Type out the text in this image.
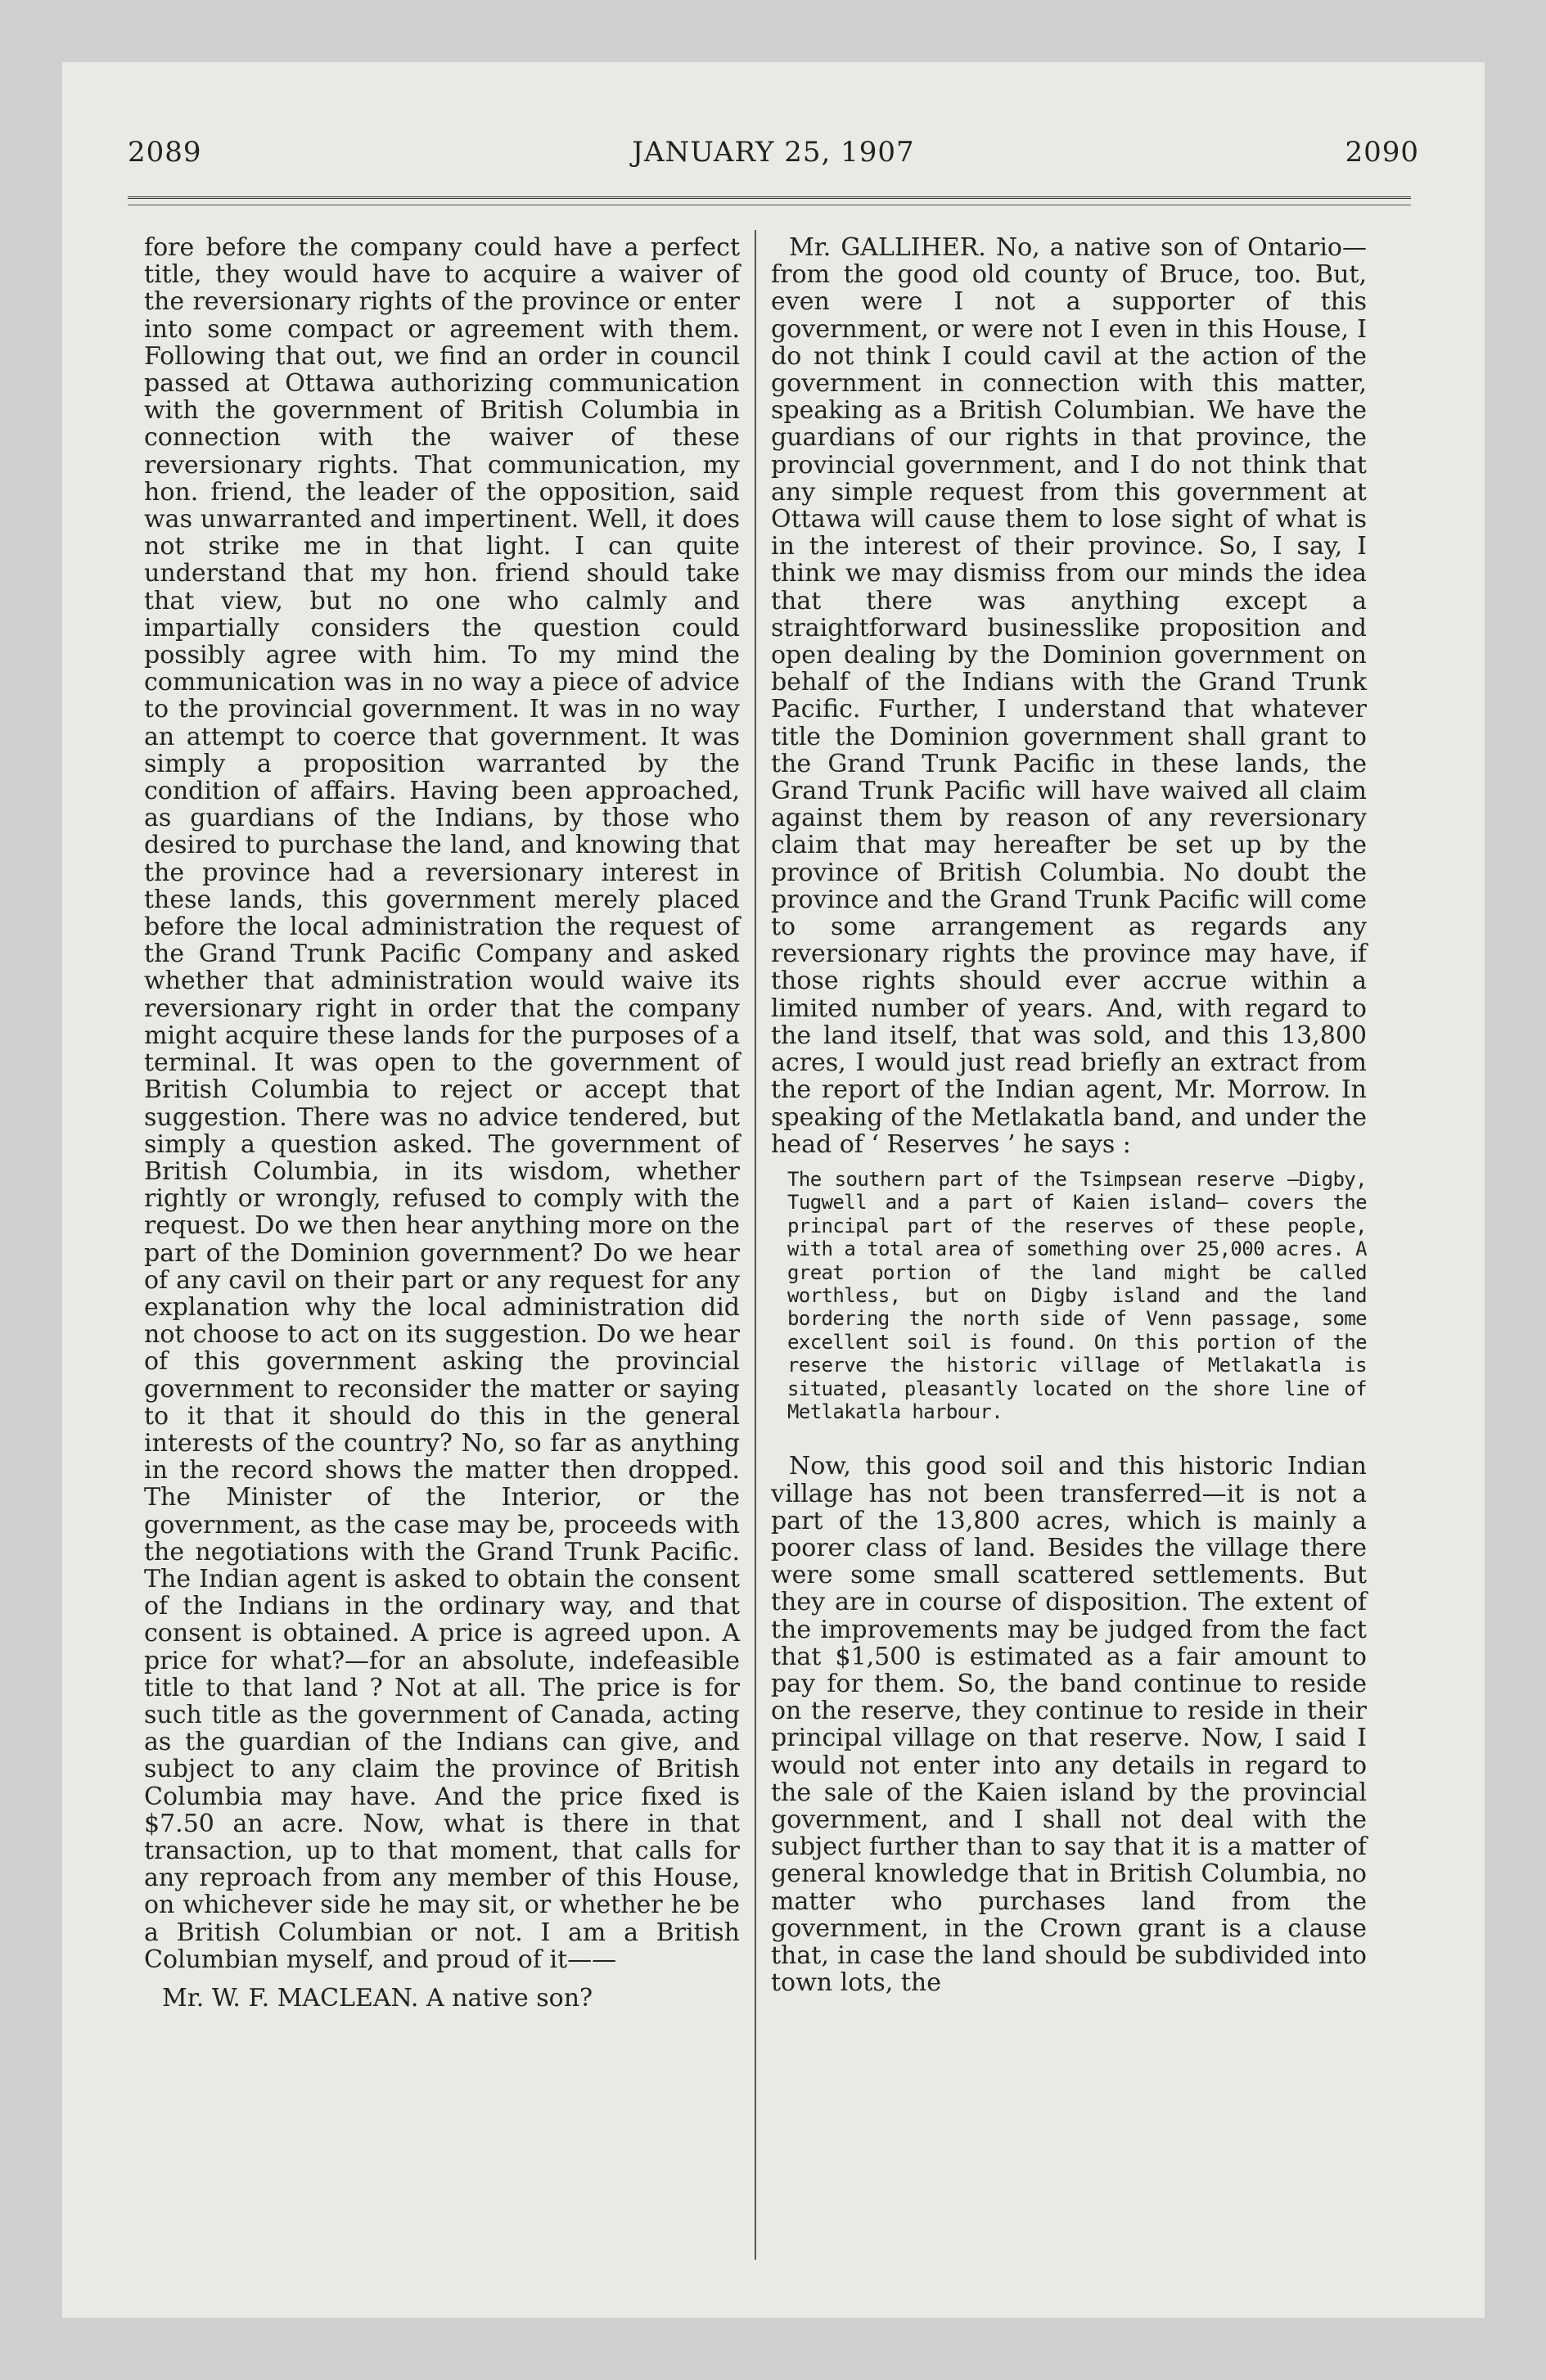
2089	JANUARY 25, 1907	2090

fore before the company could have a perfect title, they would have to acquire a waiver of the reversionary rights of the province or enter into some compact or agreement with them. Following that out, we find an order in council passed at Ottawa authorizing communication with the government of British Columbia in connection with the waiver of these reversionary rights. That communication, my hon. friend, the leader of the opposition, said was unwarranted and impertinent. Well, it does not strike me in that light. I can quite understand that my hon. friend should take that view, but no one who calmly and impartially considers the question could possibly agree with him. To my mind the communication was in no way a piece of advice to the provincial government. It was in no way an attempt to coerce that government. It was simply a proposition warranted by the condition of affairs. Having been approached, as guardians of the Indians, by those who desired to purchase the land, and knowing that the province had a reversionary interest in these lands, this government merely placed before the local administration the request of the Grand Trunk Pacific Company and asked whether that administration would waive its reversionary right in order that the company might acquire these lands for the purposes of a terminal. It was open to the government of British Columbia to reject or accept that suggestion. There was no advice tendered, but simply a question asked. The government of British Columbia, in its wisdom, whether rightly or wrongly, refused to comply with the request. Do we then hear anything more on the part of the Dominion government? Do we hear of any cavil on their part or any request for any explanation why the local administration did not choose to act on its suggestion. Do we hear of this government asking the provincial government to reconsider the matter or saying to it that it should do this in the general interests of the country? No, so far as anything in the record shows the matter then dropped. The Minister of the Interior, or the government, as the case may be, proceeds with the negotiations with the Grand Trunk Pacific. The Indian agent is asked to obtain the consent of the Indians in the ordinary way, and that consent is obtained. A price is agreed upon. A price for what?—for an absolute, indefeasible title to that land ? Not at all. The price is for such title as the government of Canada, acting as the guardian of the Indians can give, and subject to any claim the province of British Columbia may have. And the price fixed is $7.50 an acre. Now, what is there in that transaction, up to that moment, that calls for any reproach from any member of this House, on whichever side he may sit, or whether he be a British Columbian or not. I am a British Columbian myself, and proud of it——

Mr. W. F. MACLEAN. A native son?

Mr. GALLIHER. No, a native son of Ontario—from the good old county of Bruce, too. But, even were I not a supporter of this government, or were not I even in this House, I do not think I could cavil at the action of the government in connection with this matter, speaking as a British Columbian. We have the guardians of our rights in that province, the provincial government, and I do not think that any simple request from this government at Ottawa will cause them to lose sight of what is in the interest of their province. So, I say, I think we may dismiss from our minds the idea that there was anything except a straightforward businesslike proposition and open dealing by the Dominion government on behalf of the Indians with the Grand Trunk Pacific. Further, I understand that whatever title the Dominion government shall grant to the Grand Trunk Pacific in these lands, the Grand Trunk Pacific will have waived all claim against them by reason of any reversionary claim that may hereafter be set up by the province of British Columbia. No doubt the province and the Grand Trunk Pacific will come to some arrangement as regards any reversionary rights the province may have, if those rights should ever accrue within a limited number of years. And, with regard to the land itself, that was sold, and this 13,800 acres, I would just read briefly an extract from the report of the Indian agent, Mr. Morrow. In speaking of the Metlakatla band, and under the head of ‘ Reserves ’ he says :

The southern part of the Tsimpsean reserve —Digby, Tugwell and a part of Kaien island— covers the principal part of the reserves of these people, with a total area of something over 25,000 acres. A great portion of the land might be called worthless, but on Digby island and the land bordering the north side of Venn passage, some excellent soil is found. On this portion of the reserve the historic village of Metlakatla is situated, pleasantly located on the shore line of Metlakatla harbour.

Now, this good soil and this historic Indian village has not been transferred—it is not a part of the 13,800 acres, which is mainly a poorer class of land. Besides the village there were some small scattered settlements. But they are in course of disposition. The extent of the improvements may be judged from the fact that $1,500 is estimated as a fair amount to pay for them. So, the band continue to reside on the reserve, they continue to reside in their principal village on that reserve. Now, I said I would not enter into any details in regard to the sale of the Kaien island by the provincial government, and I shall not deal with the subject further than to say that it is a matter of general knowledge that in British Columbia, no matter who purchases land from the government, in the Crown grant is a clause that, in case the land should be subdivided into town lots, the
